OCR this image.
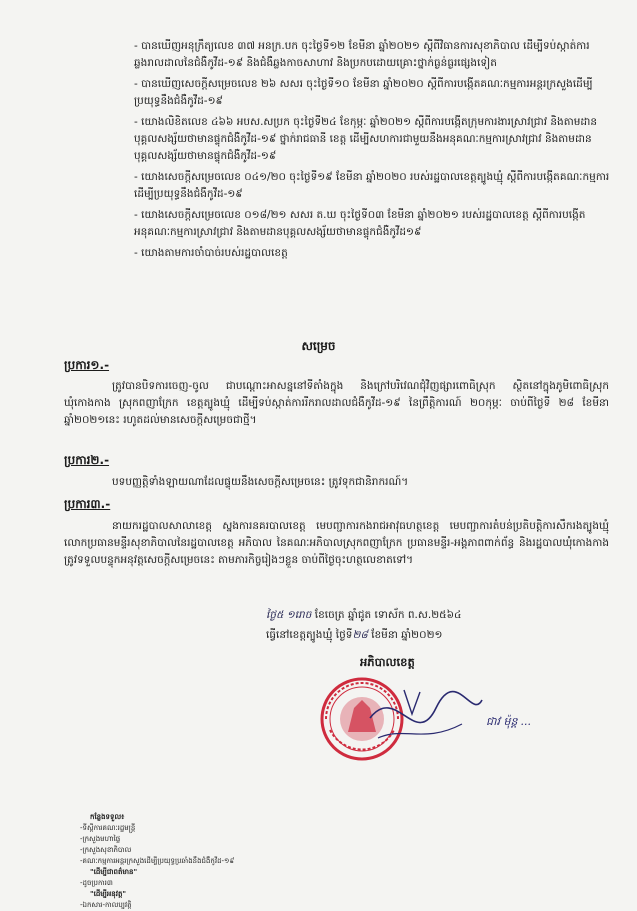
- បានឃើញអនុក្រឹត្យលេខ ៣៧ អនក្រ.បក ចុះថ្ងៃទី១២ ខែមីនា ឆ្នាំ២០២១ ស្ដីពីវិធានការសុខាភិបាល ដើម្បីទប់ស្កាត់ការឆ្លងរាលដាលនៃជំងឺកូវីដ-១៩ និងជំងឺឆ្លងកាចសាហាវ និងប្រកបដោយគ្រោះថ្នាក់ធ្ងន់ធ្ងរផ្សេងទៀត
- បានឃើញសេចក្ដីសម្រេចលេខ ២៦ សសរ ចុះថ្ងៃទី១០ ខែមីនា ឆ្នាំ២០២០ ស្ដីពីការបង្កើតគណៈកម្មការអន្តរក្រសួងដើម្បីប្រយុទ្ធនឹងជំងឺកូវីដ-១៩
- យោងលិខិតលេខ ៤៦៦ អបស.សប្រក ចុះថ្ងៃទី២៤ ខែកុម្ភៈ ឆ្នាំ២០២១ ស្ដីពីការបង្កើតក្រុមការងារស្រាវជ្រាវ និងតាមដានបុគ្គលសង្ស័យថាមានផ្ទុកជំងឺកូវីដ-១៩ ថ្នាក់រាជធានី ខេត្ត ដើម្បីសហការជាមួយនឹងអនុគណៈកម្មការស្រាវជ្រាវ និងតាមដានបុគ្គលសង្ស័យថាមានផ្ទុកជំងឺកូវីដ-១៩
- យោងសេចក្ដីសម្រេចលេខ ០៤១/២០ ចុះថ្ងៃទី១៩ ខែមីនា ឆ្នាំ២០២០ របស់រដ្ឋបាលខេត្តត្បូងឃ្មុំ ស្ដីពីការបង្កើតគណៈកម្មការ ដើម្បីប្រយុទ្ធនឹងជំងឺកូវីដ-១៩
- យោងសេចក្ដីសម្រេចលេខ ០១៨/២១ សសរ ត.ឃ ចុះថ្ងៃទី០៣ ខែមីនា ឆ្នាំ២០២១ របស់រដ្ឋបាលខេត្ត ស្ដីពីការបង្កើតអនុគណៈកម្មការស្រាវជ្រាវ និងតាមដានបុគ្គលសង្ស័យថាមានផ្ទុកជំងឺកូវីដ១៩
- យោងតាមការចាំបាច់របស់រដ្ឋបាលខេត្ត
សម្រេច
ប្រការ១.-
ត្រូវបានបិទការចេញ-ចូល ជាបណ្ដោះអាសន្ននៅទីតាំងក្នុង និងក្រៅបរិវេណជុំវិញផ្សារពោធិស្រុក ស្ថិតនៅក្នុងភូមិពោធិស្រុក ឃុំកោងកាង ស្រុកពញាក្រែក ខេត្តត្បូងឃ្មុំ ដើម្បីទប់ស្កាត់ការរីករាលដាលជំងឺកូវីដ-១៩ នៃព្រឹត្តិការណ៍ ២០កុម្ភៈ ចាប់ពីថ្ងៃទី ២៨ ខែមីនា ឆ្នាំ២០២១នេះ រហូតដល់មានសេចក្ដីសម្រេចជាថ្មី។
ប្រការ២.-
បទបញ្ញត្តិទាំងឡាយណាដែលផ្ទុយនឹងសេចក្ដីសម្រេចនេះ ត្រូវទុកជានិរាករណ៍។
ប្រការ៣.-
នាយករដ្ឋបាលសាលាខេត្ត ស្នងការនគរបាលខេត្ត មេបញ្ជាការកងរាជអាវុធហត្ថខេត្ត មេបញ្ជាការតំបន់ប្រតិបត្តិការសឹករងត្បូងឃ្មុំ លោកប្រធានមន្ទីរសុខាភិបាលនៃរដ្ឋបាលខេត្ត អភិបាល នៃគណៈអភិបាលស្រុកពញាក្រែក ប្រធានមន្ទីរ-អង្គភាពពាក់ព័ន្ធ និងរដ្ឋបាលឃុំកោងកាង ត្រូវទទួលបន្ទុកអនុវត្តសេចក្ដីសម្រេចនេះ តាមភារកិច្ចរៀងៗខ្លួន ចាប់ពីថ្ងៃចុះហត្ថលេខាតទៅ។
ថ្ងៃ៥ ១រោច ខែចេត្រ ឆ្នាំជូត ទោស័ក ព.ស.២៥៦៤
ធ្វើនៅខេត្តត្បូងឃ្មុំ ថ្ងៃទី២៨ ខែមីនា ឆ្នាំ២០២១
អភិបាលខេត្ត
ជាវ ម៉ុន្ត ...
កន្លែងទទួល៖
-ទីស្ដីការគណៈរដ្ឋមន្ត្រី
-ក្រសួងមហាផ្ទៃ
-ក្រសួងសុខាភិបាល
-គណៈកម្មការអន្តរក្រសួងដើម្បីប្រយុទ្ធប្រឆាំងនឹងជំងឺកូវីដ-១៩
"ដើម្បីជាពត៌មាន"
-ដូចប្រការ៣
"ដើម្បីអនុវត្ត"
-ឯកសារ-កាលប្បវត្តិ
